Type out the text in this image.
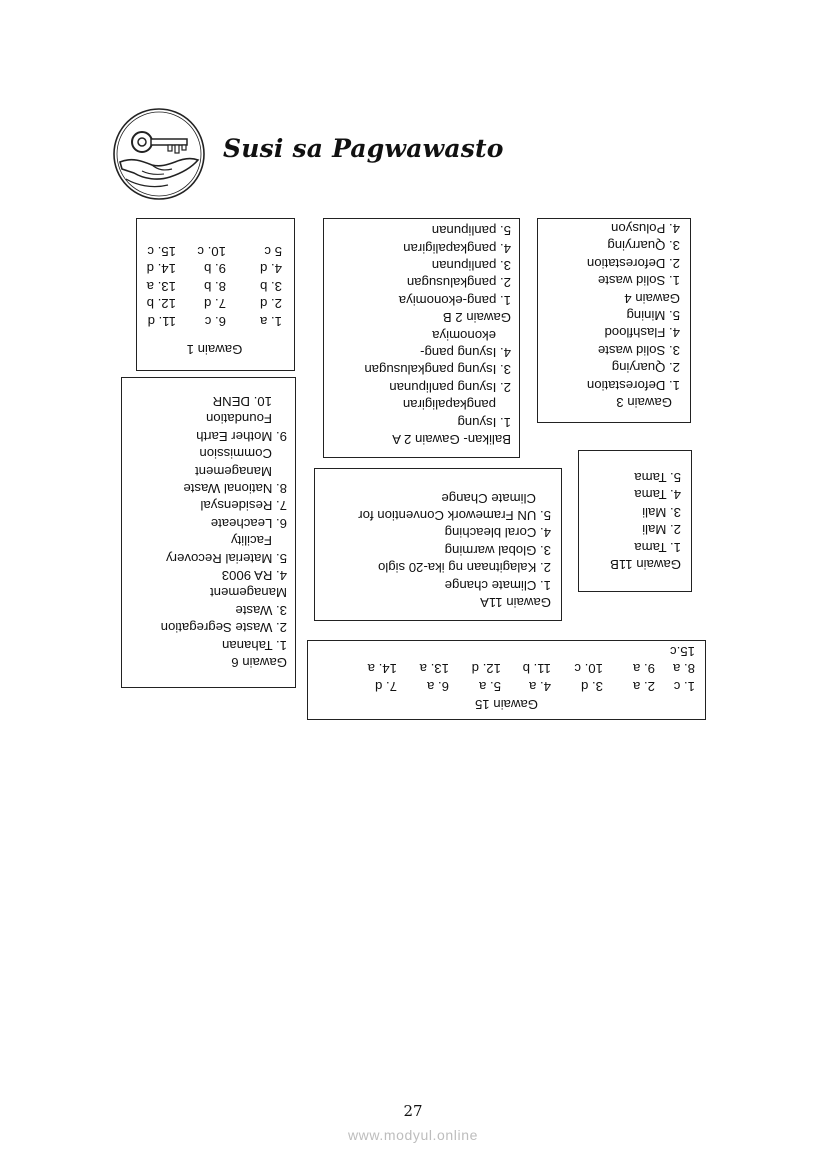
Susi sa Pagwawasto
Gawain 1
1. a
6. c
11. d
2. d
7. d
12. b
3. b
8. b
13. a
4. d
9. b
14. d
5 c
10. c
15. c
Balikan- Gawain 2 A
1. Isyung
pangkapaligiran
2. Isyung panlipunan
3. Isyung pangkalusugan
4. Isyung pang-
ekonomiya
Gawain 2 B
1. pang-ekonomiya
2. pangkalusugan
3. panlipunan
4. pangkapaligiran
5. panlipunan
Gawain 3
1. Deforestation
2. Quarying
3. Solid waste
4. Flashflood
5. Mining
Gawain 4
1. Solid waste
2. Deforestation
3. Quarrying
4. Polusyon
Gawain 6
1. Tahanan
2. Waste Segregation
3. Waste
Management
4. RA 9003
5. Material Recovery
Facility
6. Leacheate
7. Residensyal
8. National Waste
Management
Commission
9. Mother Earth
Foundation
10. DENR
Gawain 11A
1. Climate change
2. Kalagitnaan ng ika-20 siglo
3. Global warming
4. Coral bleaching
5. UN Framework Convention for
Climate Change
Gawain 11B
1. Tama
2. Mali
3. Mali
4. Tama
5. Tama
Gawain 15
1. c
2. a
3. d
4. a
5. a
6. a
7. d
8. a
9. a
10. c
11. b
12. d
13. a
14. a
15.c
27
www.modyul.online
